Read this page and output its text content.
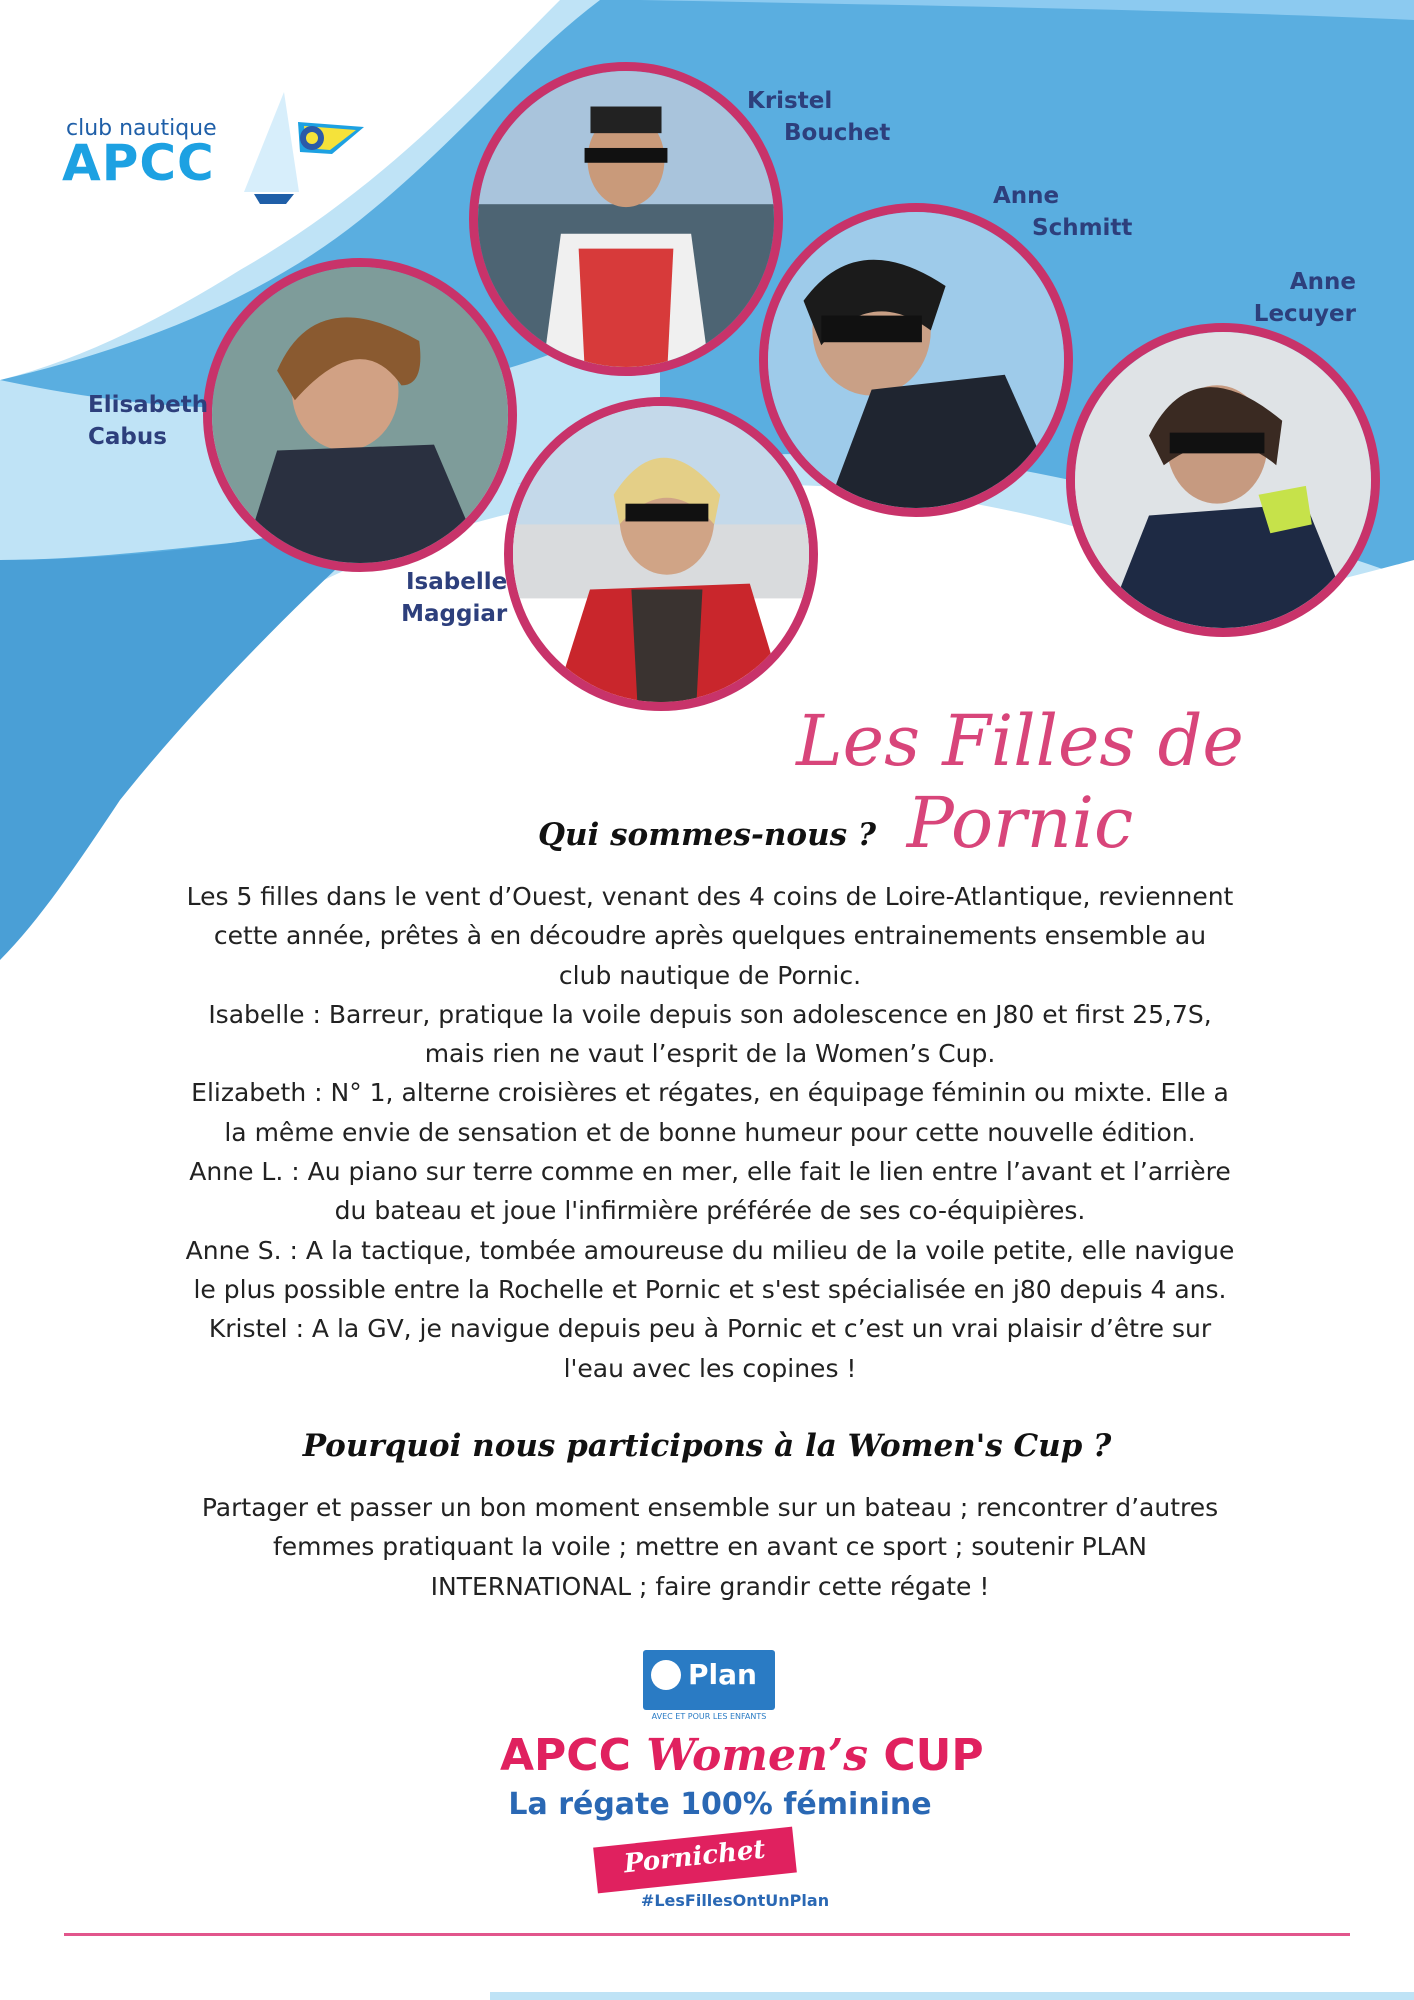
club nautique
APCC
Kristel
Bouchet
Anne
Schmitt
Anne
Lecuyer
Elisabeth
Cabus
Isabelle
Maggiar
Les Filles de Pornic
Qui sommes-nous ?

Les 5 filles dans le vent d’Ouest, venant des 4 coins de Loire-Atlantique, reviennent

cette année, prêtes à en découdre après quelques entrainements ensemble au

club nautique de Pornic.

Isabelle : Barreur, pratique la voile depuis son adolescence en J80 et first 25,7S,

mais rien ne vaut l’esprit de la Women’s Cup.

Elizabeth : N° 1, alterne croisières et régates, en équipage féminin ou mixte. Elle a

la même envie de sensation et de bonne humeur pour cette nouvelle édition.

Anne L. : Au piano sur terre comme en mer, elle fait le lien entre l’avant et l’arrière

du bateau et joue l'infirmière préférée de ses co-équipières.

Anne S. : A la tactique, tombée amoureuse du milieu de la voile petite, elle navigue

le plus possible entre la Rochelle et Pornic et s'est spécialisée en j80 depuis 4 ans.

Kristel : A la GV, je navigue depuis peu à Pornic et c’est un vrai plaisir d’être sur

l'eau avec les copines !

Pourquoi nous participons à la Women's Cup ?

Partager et passer un bon moment ensemble sur un bateau ; rencontrer d’autres

femmes pratiquant la voile ; mettre en avant ce sport ; soutenir PLAN

INTERNATIONAL ; faire grandir cette régate !

Plan
AVEC ET POUR LES ENFANTS
APCC Women’s CUP
La régate 100% féminine
Pornichet
#LesFillesOntUnPlan
